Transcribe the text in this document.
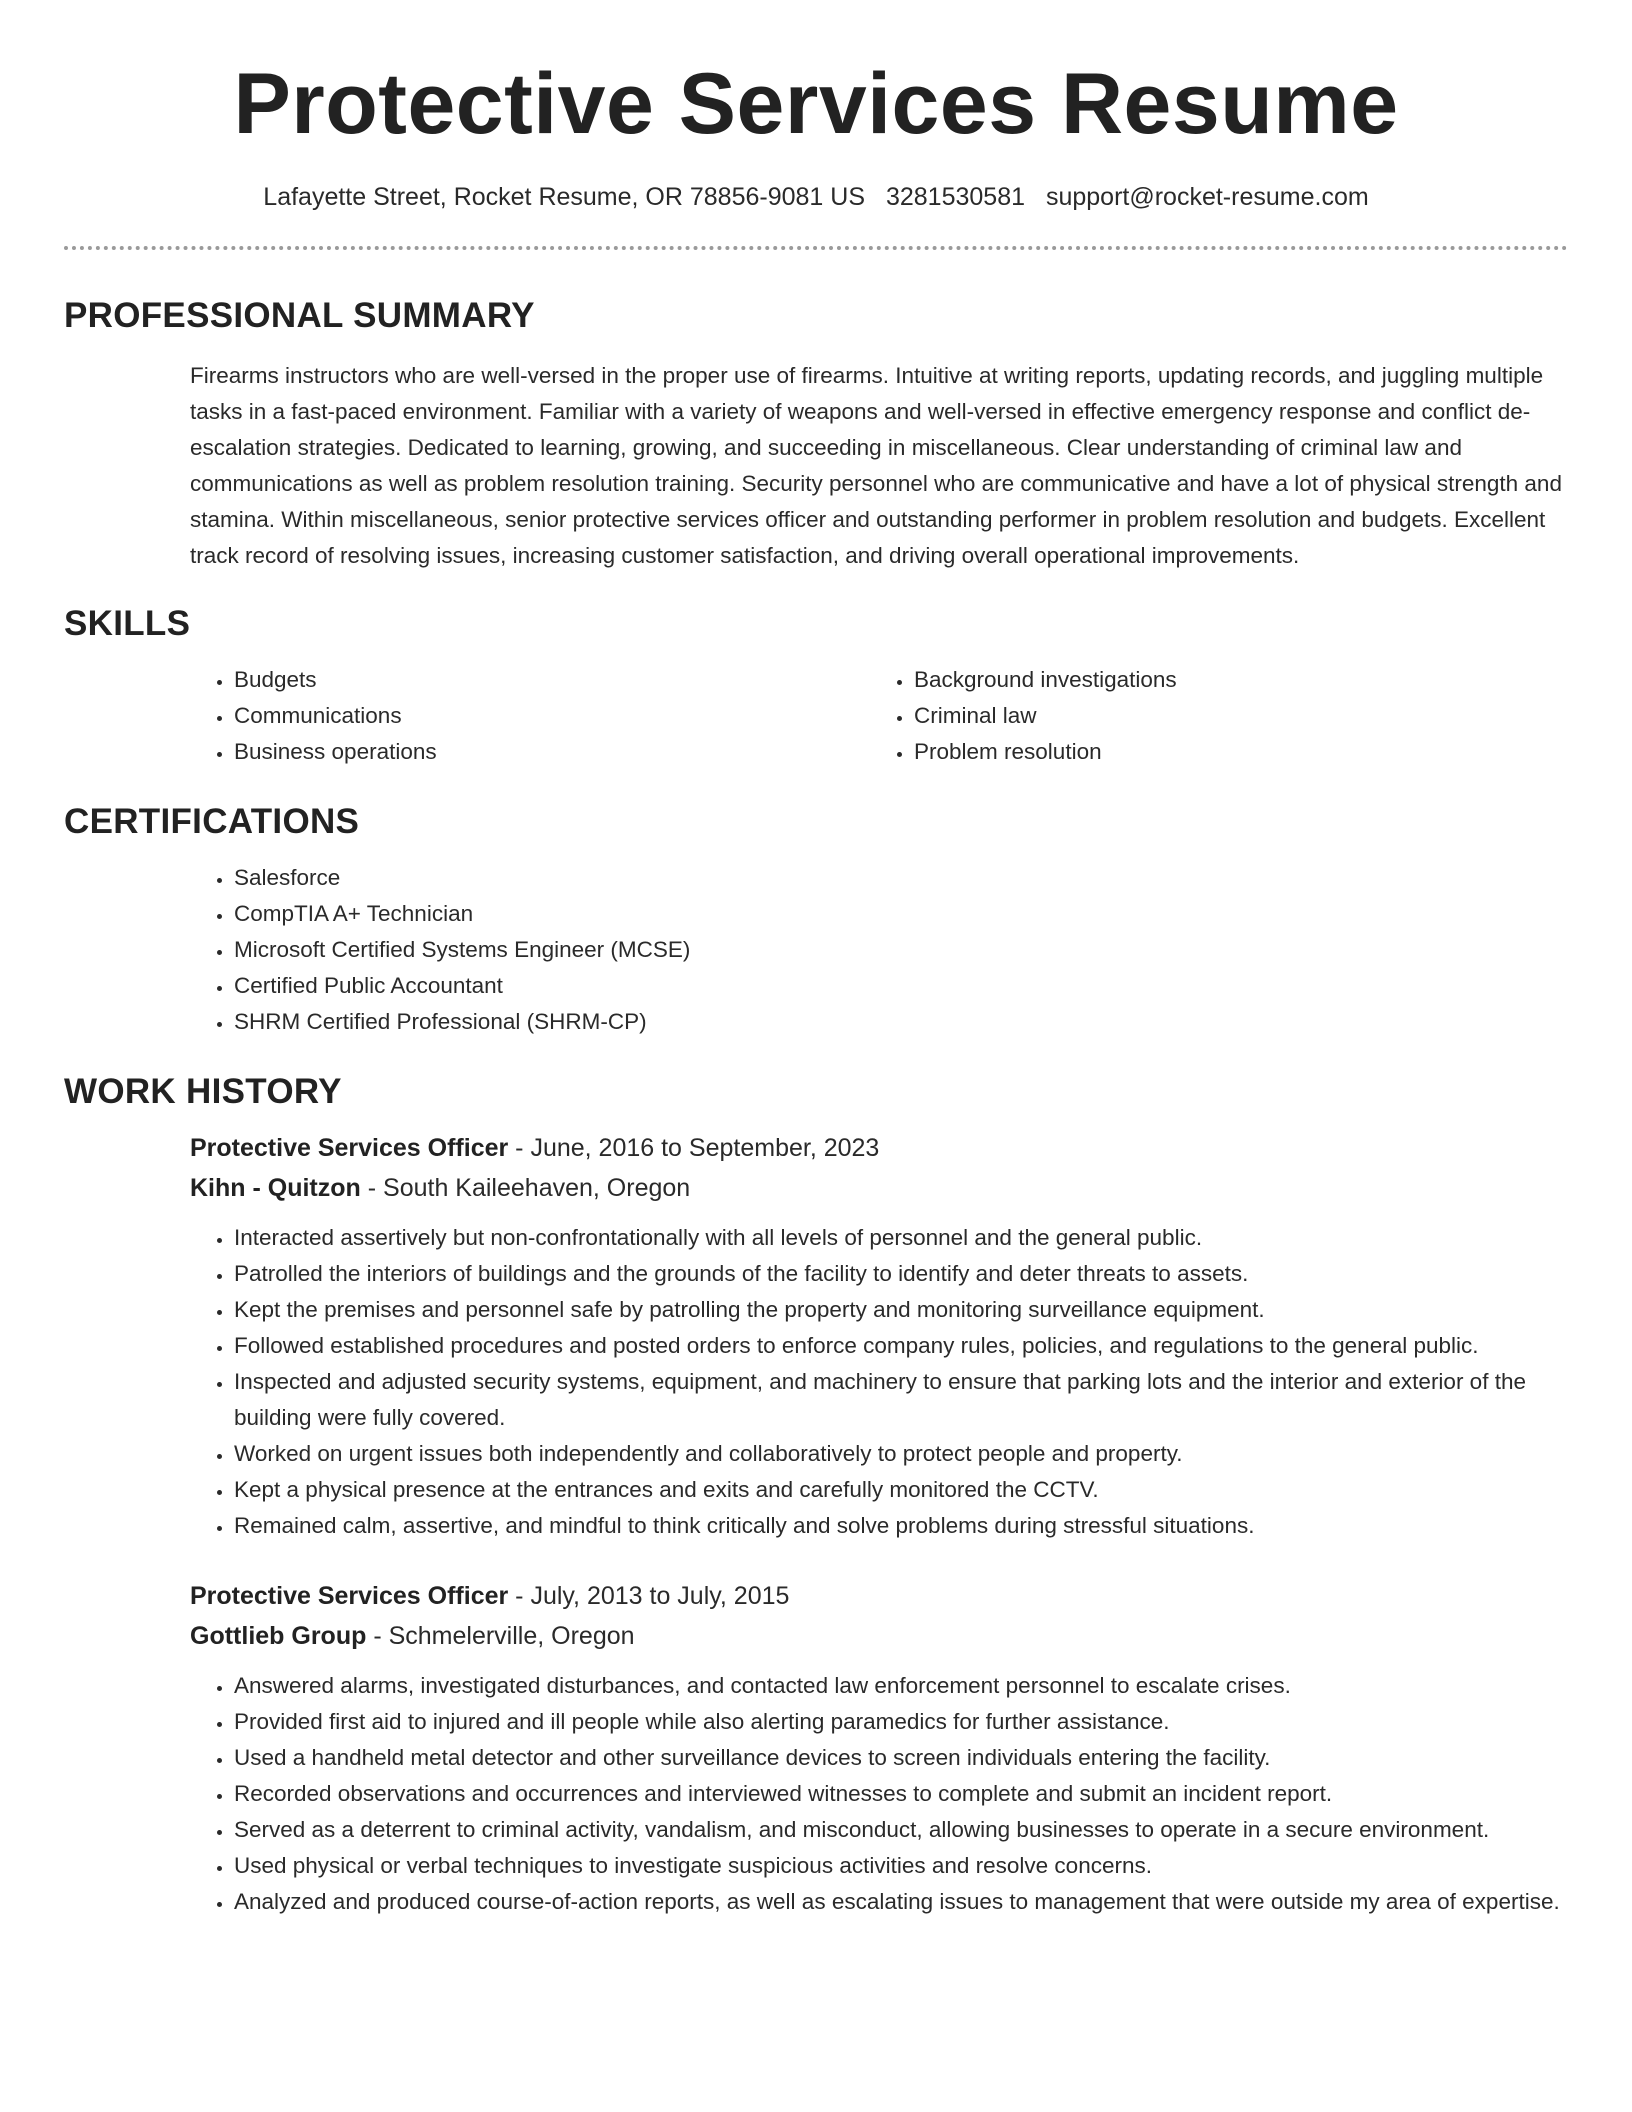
Protective Services Resume
Lafayette Street, Rocket Resume, OR 78856-9081 US 3281530581 support@rocket-resume.com
PROFESSIONAL SUMMARY
Firearms instructors who are well-versed in the proper use of firearms. Intuitive at writing reports, updating records, and juggling multiple tasks in a fast-paced environment. Familiar with a variety of weapons and well-versed in effective emergency response and conflict de-escalation strategies. Dedicated to learning, growing, and succeeding in miscellaneous. Clear understanding of criminal law and communications as well as problem resolution training. Security personnel who are communicative and have a lot of physical strength and stamina. Within miscellaneous, senior protective services officer and outstanding performer in problem resolution and budgets. Excellent track record of resolving issues, increasing customer satisfaction, and driving overall operational improvements.
SKILLS
• Budgets
• Communications
• Business operations
• Background investigations
• Criminal law
• Problem resolution
CERTIFICATIONS
• Salesforce
• CompTIA A+ Technician
• Microsoft Certified Systems Engineer (MCSE)
• Certified Public Accountant
• SHRM Certified Professional (SHRM-CP)
WORK HISTORY
Protective Services Officer - June, 2016 to September, 2023
Kihn - Quitzon - South Kaileehaven, Oregon
• Interacted assertively but non-confrontationally with all levels of personnel and the general public.
• Patrolled the interiors of buildings and the grounds of the facility to identify and deter threats to assets.
• Kept the premises and personnel safe by patrolling the property and monitoring surveillance equipment.
• Followed established procedures and posted orders to enforce company rules, policies, and regulations to the general public.
• Inspected and adjusted security systems, equipment, and machinery to ensure that parking lots and the interior and exterior of the building were fully covered.
• Worked on urgent issues both independently and collaboratively to protect people and property.
• Kept a physical presence at the entrances and exits and carefully monitored the CCTV.
• Remained calm, assertive, and mindful to think critically and solve problems during stressful situations.
Protective Services Officer - July, 2013 to July, 2015
Gottlieb Group - Schmelerville, Oregon
• Answered alarms, investigated disturbances, and contacted law enforcement personnel to escalate crises.
• Provided first aid to injured and ill people while also alerting paramedics for further assistance.
• Used a handheld metal detector and other surveillance devices to screen individuals entering the facility.
• Recorded observations and occurrences and interviewed witnesses to complete and submit an incident report.
• Served as a deterrent to criminal activity, vandalism, and misconduct, allowing businesses to operate in a secure environment.
• Used physical or verbal techniques to investigate suspicious activities and resolve concerns.
• Analyzed and produced course-of-action reports, as well as escalating issues to management that were outside my area of expertise.
